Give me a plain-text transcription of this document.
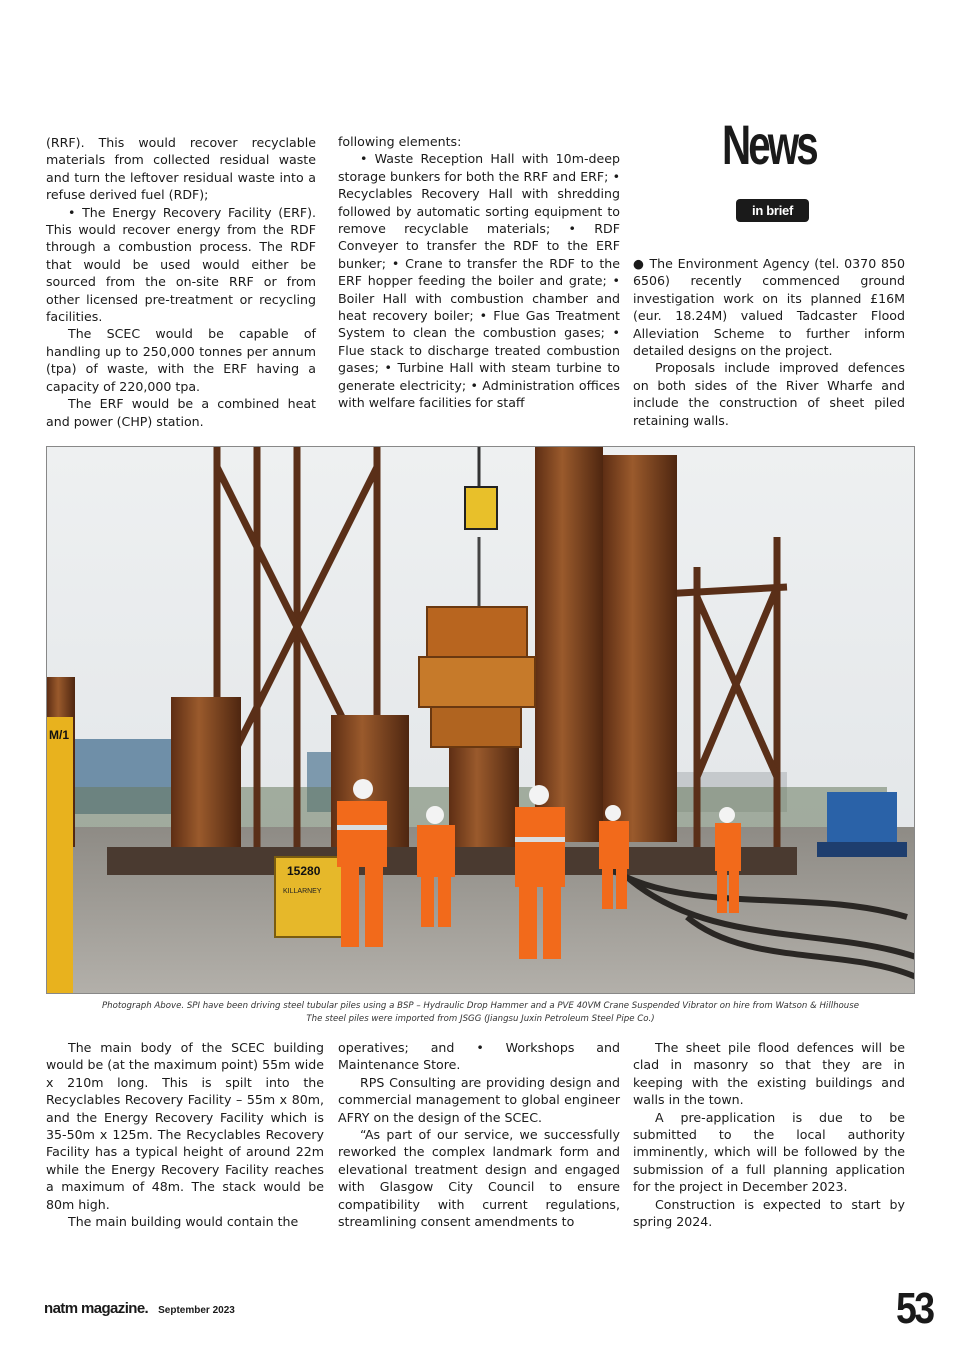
(RRF). This would recover recyclable materials from collected residual waste and turn the leftover residual waste into a refuse derived fuel (RDF);

• The Energy Recovery Facility (ERF). This would recover energy from the RDF through a combustion process. The RDF that would be used would either be sourced from the on-site RRF or from other licensed pre-treatment or recycling facilities.

The SCEC would be capable of handling up to 250,000 tonnes per annum (tpa) of waste, with the ERF having a capacity of 220,000 tpa.

The ERF would be a combined heat and power (CHP) station.

following elements:

• Waste Reception Hall with 10m-deep storage bunkers for both the RRF and ERF; • Recyclables Recovery Hall with shredding followed by automatic sorting equipment to remove recyclable materials; • RDF Conveyer to transfer the RDF to the ERF bunker; • Crane to transfer the RDF to the ERF hopper feeding the boiler and grate; • Boiler Hall with combustion chamber and heat recovery boiler; • Flue Gas Treatment System to clean the combustion gases; • Flue stack to discharge treated combustion gases; • Turbine Hall with steam turbine to generate electricity; • Administration offices with welfare facilities for staff

News
in brief

● The Environment Agency (tel. 0370 850 6506) recently commenced ground investigation work on its planned £16M (eur. 18.24M) valued Tadcaster Flood Alleviation Scheme to further inform detailed designs on the project.

Proposals include improved defences on both sides of the River Wharfe and include the construction of sheet piled retaining walls.

M/1
15280
KILLARNEY
Photograph Above. SPI have been driving steel tubular piles using a BSP – Hydraulic Drop Hammer and a PVE 40VM Crane Suspended Vibrator on hire from Watson & Hillhouse
The steel piles were imported from JSGG (Jiangsu Juxin Petroleum Steel Pipe Co.)

The main body of the SCEC building would be (at the maximum point) 55m wide x 210m long. This is spilt into the Recyclables Recovery Facility – 55m x 80m, and the Energy Recovery Facility which is 35-50m x 125m. The Recyclables Recovery Facility has a typical height of around 22m while the Energy Recovery Facility reaches a maximum of 48m. The stack would be 80m high.

The main building would contain the

operatives; and • Workshops and Maintenance Store.

RPS Consulting are providing design and commercial management to global engineer AFRY on the design of the SCEC.

“As part of our service, we successfully reworked the complex landmark form and elevational treatment design and engaged with Glasgow City Council to ensure compatibility with current regulations, streamlining consent amendments to

The sheet pile flood defences will be clad in masonry so that they are in keeping with the existing buildings and walls in the town.

A pre-application is due to be submitted to the local authority imminently, which will be followed by the submission of a full planning application for the project in December 2023.

Construction is expected to start by spring 2024.

natm magazine. September 2023	53
